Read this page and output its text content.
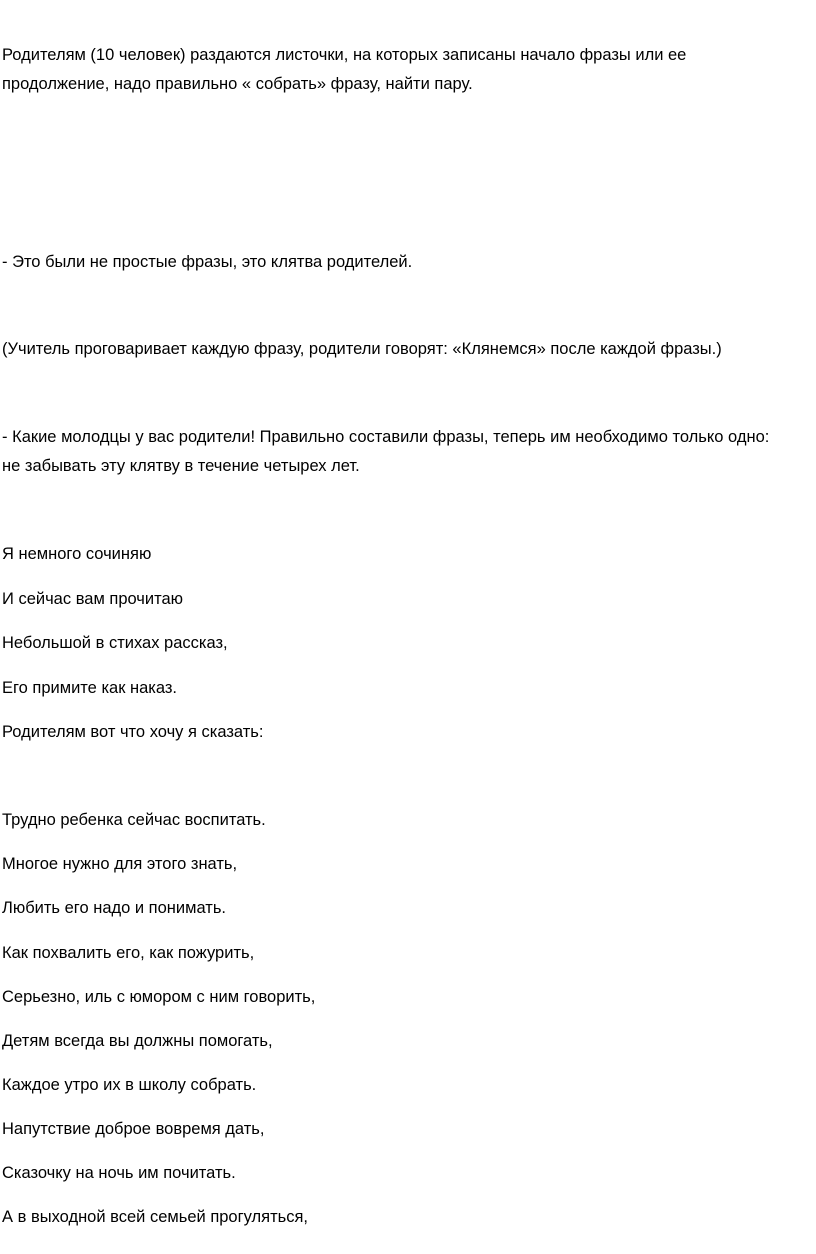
Родителям (10 человек) раздаются листочки, на которых записаны начало фразы или ее продолжение, надо правильно « собрать» фразу, найти пару.

- Это были не простые фразы, это клятва родителей.
(Учитель проговаривает каждую фразу, родители говорят: «Клянемся» после каждой фразы.)

- Какие молодцы у вас родители! Правильно составили фразы, теперь им необходимо только одно: не забывать эту клятву в течение четырех лет.

Я немного сочиняю
И сейчас вам прочитаю
Небольшой в стихах рассказ,
Его примите как наказ.
Родителям вот что хочу я сказать:
Трудно ребенка сейчас воспитать.
Многое нужно для этого знать,
Любить его надо и понимать.
Как похвалить его, как пожурить,
Серьезно, иль с юмором с ним говорить,
Детям всегда вы должны помогать,
Каждое утро их в школу собрать.
Напутствие доброе вовремя дать,
Сказочку на ночь им почитать.
А в выходной всей семьей прогуляться,
